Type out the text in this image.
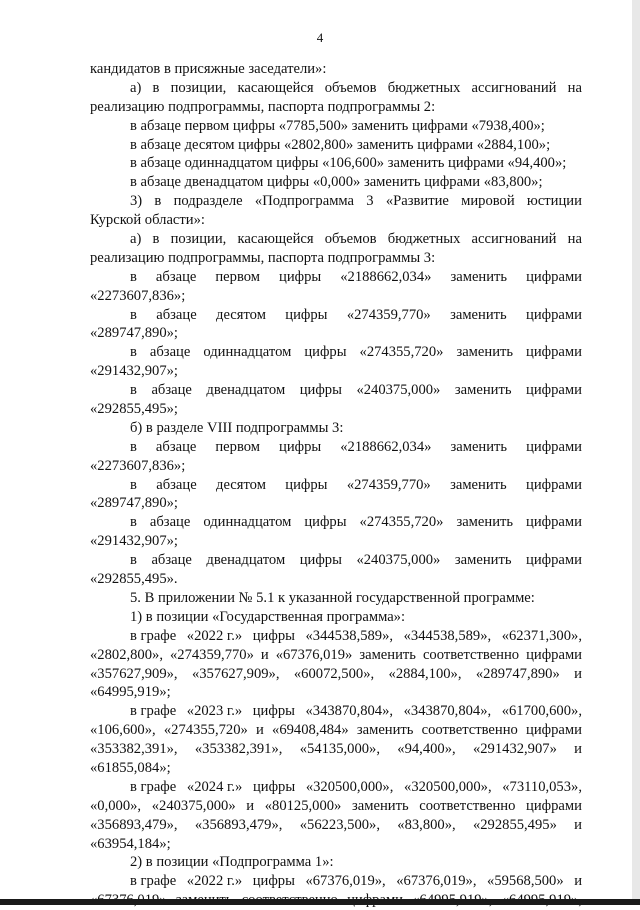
4
кандидатов в присяжные заседатели»:
а) в позиции, касающейся объемов бюджетных ассигнований на
реализацию подпрограммы, паспорта подпрограммы 2:
в абзаце первом цифры «7785,500» заменить цифрами «7938,400»;
в абзаце десятом цифры «2802,800» заменить цифрами «2884,100»;
в абзаце одиннадцатом цифры «106,600» заменить цифрами «94,400»;
в абзаце двенадцатом цифры «0,000» заменить цифрами «83,800»;
3) в подразделе «Подпрограмма 3 «Развитие мировой юстиции
Курской области»:
а) в позиции, касающейся объемов бюджетных ассигнований на
реализацию подпрограммы, паспорта подпрограммы 3:
в абзаце первом цифры «2188662,034» заменить цифрами
«2273607,836»;
в абзаце десятом цифры «274359,770» заменить цифрами
«289747,890»;
в абзаце одиннадцатом цифры «274355,720» заменить цифрами
«291432,907»;
в абзаце двенадцатом цифры «240375,000» заменить цифрами
«292855,495»;
б) в разделе VIII подпрограммы 3:
в абзаце первом цифры «2188662,034» заменить цифрами
«2273607,836»;
в абзаце десятом цифры «274359,770» заменить цифрами
«289747,890»;
в абзаце одиннадцатом цифры «274355,720» заменить цифрами
«291432,907»;
в абзаце двенадцатом цифры «240375,000» заменить цифрами
«292855,495».
5. В приложении № 5.1 к указанной государственной программе:
1) в позиции «Государственная программа»:
в графе «2022 г.» цифры «344538,589», «344538,589», «62371,300»,
«2802,800», «274359,770» и «67376,019» заменить соответственно цифрами
«357627,909», «357627,909», «60072,500», «2884,100», «289747,890» и
«64995,919»;
в графе «2023 г.» цифры «343870,804», «343870,804», «61700,600»,
«106,600», «274355,720» и «69408,484» заменить соответственно цифрами
«353382,391», «353382,391», «54135,000», «94,400», «291432,907» и
«61855,084»;
в графе «2024 г.» цифры «320500,000», «320500,000», «73110,053»,
«0,000», «240375,000» и «80125,000» заменить соответственно цифрами
«356893,479», «356893,479», «56223,500», «83,800», «292855,495» и
«63954,184»;
2) в позиции «Подпрограмма 1»:
в графе «2022 г.» цифры «67376,019», «67376,019», «59568,500» и
